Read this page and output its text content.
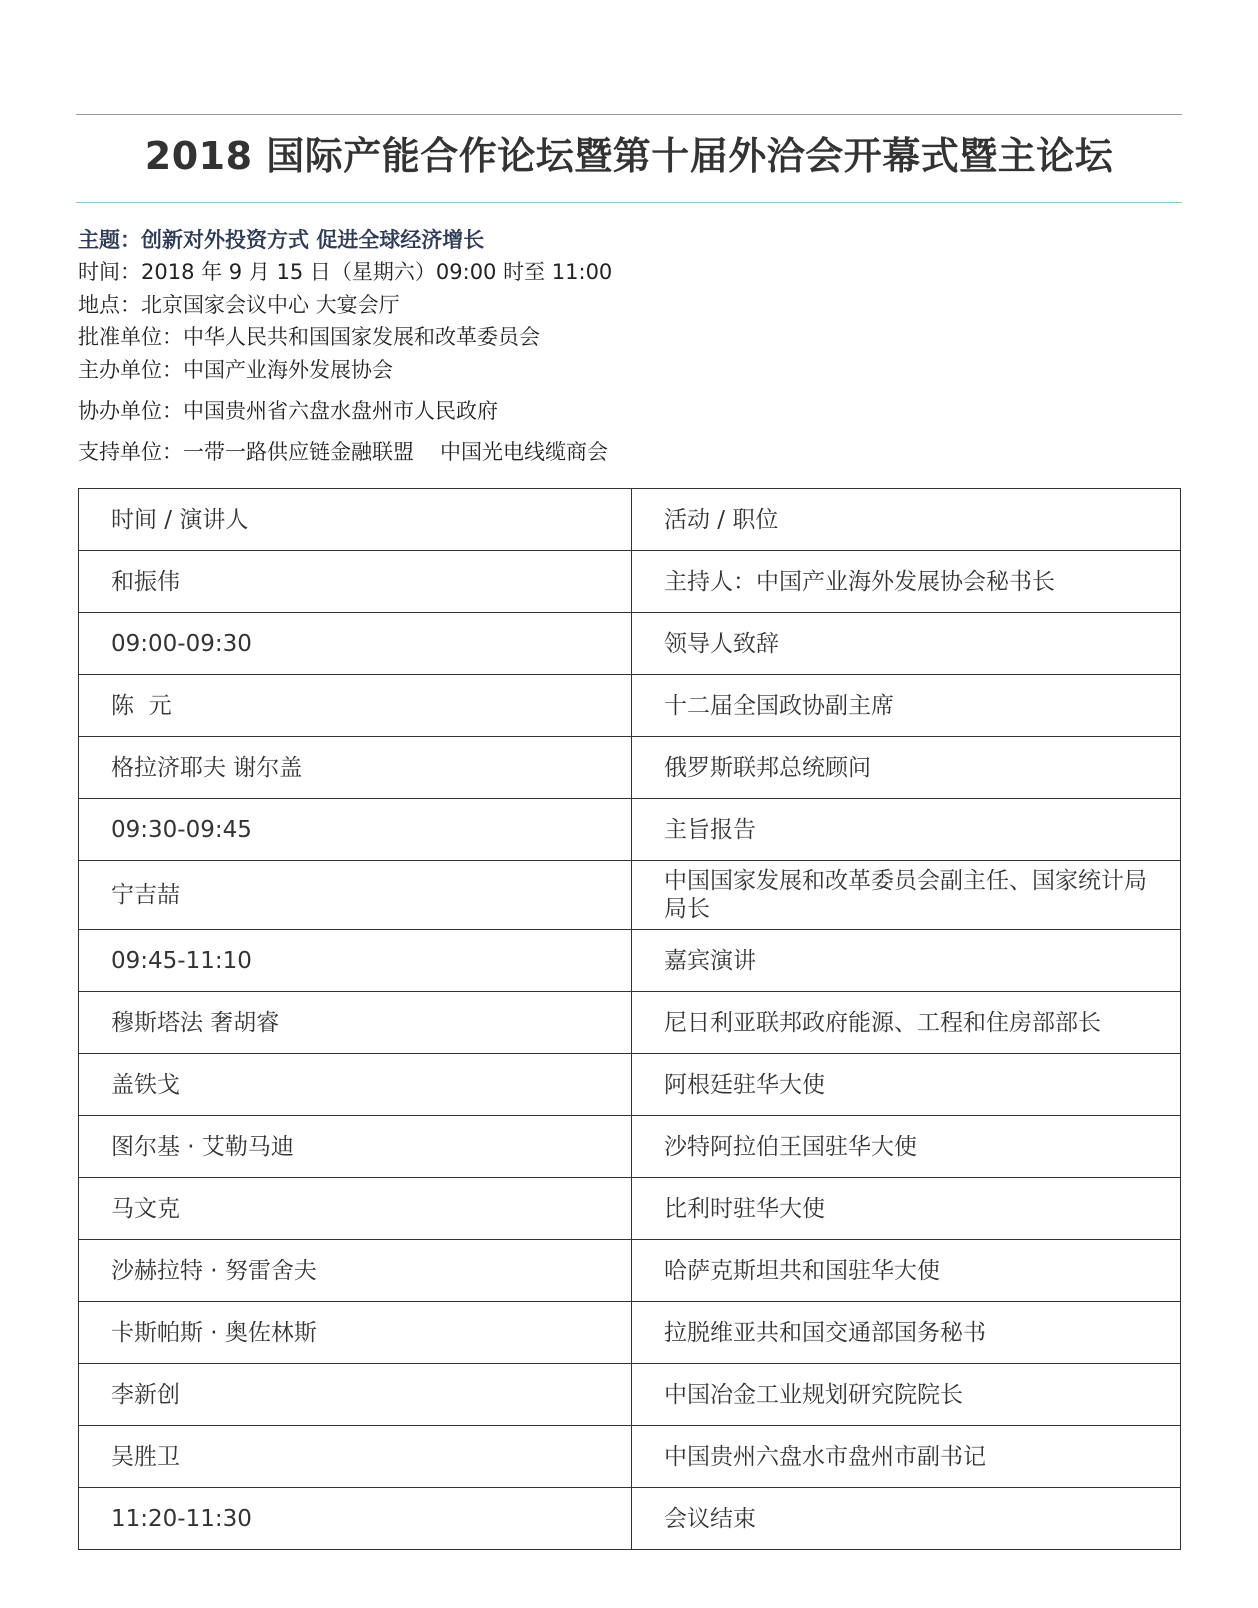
2018 国际产能合作论坛暨第十届外洽会开幕式暨主论坛
主题：创新对外投资方式 促进全球经济增长
时间：2018 年 9 月 15 日（星期六）09:00 时至 11:00
地点：北京国家会议中心 大宴会厅
批准单位：中华人民共和国国家发展和改革委员会
主办单位：中国产业海外发展协会
协办单位：中国贵州省六盘水盘州市人民政府
支持单位：一带一路供应链金融联盟 中国光电线缆商会
时间 / 演讲人	活动 / 职位
和振伟	主持人：中国产业海外发展协会秘书长
09:00-09:30	领导人致辞
陈  元	十二届全国政协副主席
格拉济耶夫 谢尔盖	俄罗斯联邦总统顾问
09:30-09:45	主旨报告
宁吉喆	中国国家发展和改革委员会副主任、国家统计局局长
09:45-11:10	嘉宾演讲
穆斯塔法 奢胡睿	尼日利亚联邦政府能源、工程和住房部部长
盖铁戈	阿根廷驻华大使
图尔基 · 艾勒马迪	沙特阿拉伯王国驻华大使
马文克	比利时驻华大使
沙赫拉特 · 努雷舍夫	哈萨克斯坦共和国驻华大使
卡斯帕斯 · 奥佐林斯	拉脱维亚共和国交通部国务秘书
李新创	中国冶金工业规划研究院院长
吴胜卫	中国贵州六盘水市盘州市副书记
11:20-11:30	会议结束
